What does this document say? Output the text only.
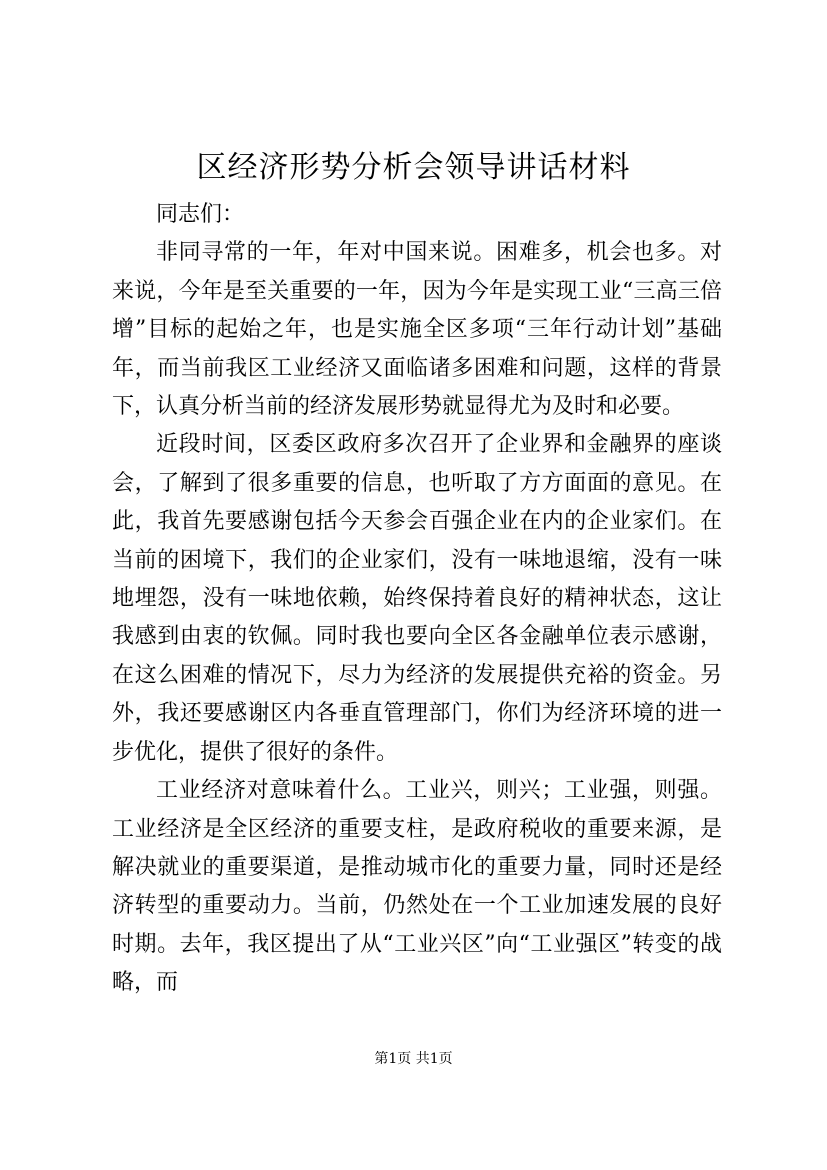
区经济形势分析会领导讲话材料

同志们：

非同寻常的一年，年对中国来说。困难多，机会也多。对来说，今年是至关重要的一年，因为今年是实现工业“三高三倍增”目标的起始之年，也是实施全区多项“三年行动计划”基础年，而当前我区工业经济又面临诸多困难和问题，这样的背景下，认真分析当前的经济发展形势就显得尤为及时和必要。

近段时间，区委区政府多次召开了企业界和金融界的座谈会，了解到了很多重要的信息，也听取了方方面面的意见。在此，我首先要感谢包括今天参会百强企业在内的企业家们。在当前的困境下，我们的企业家们，没有一味地退缩，没有一味地埋怨，没有一味地依赖，始终保持着良好的精神状态，这让我感到由衷的钦佩。同时我也要向全区各金融单位表示感谢，在这么困难的情况下，尽力为经济的发展提供充裕的资金。另外，我还要感谢区内各垂直管理部门，你们为经济环境的进一步优化，提供了很好的条件。

工业经济对意味着什么。工业兴，则兴；工业强，则强。工业经济是全区经济的重要支柱，是政府税收的重要来源，是解决就业的重要渠道，是推动城市化的重要力量，同时还是经济转型的重要动力。当前，仍然处在一个工业加速发展的良好时期。去年，我区提出了从“工业兴区”向“工业强区”转变的战略，而

第1页 共1页
